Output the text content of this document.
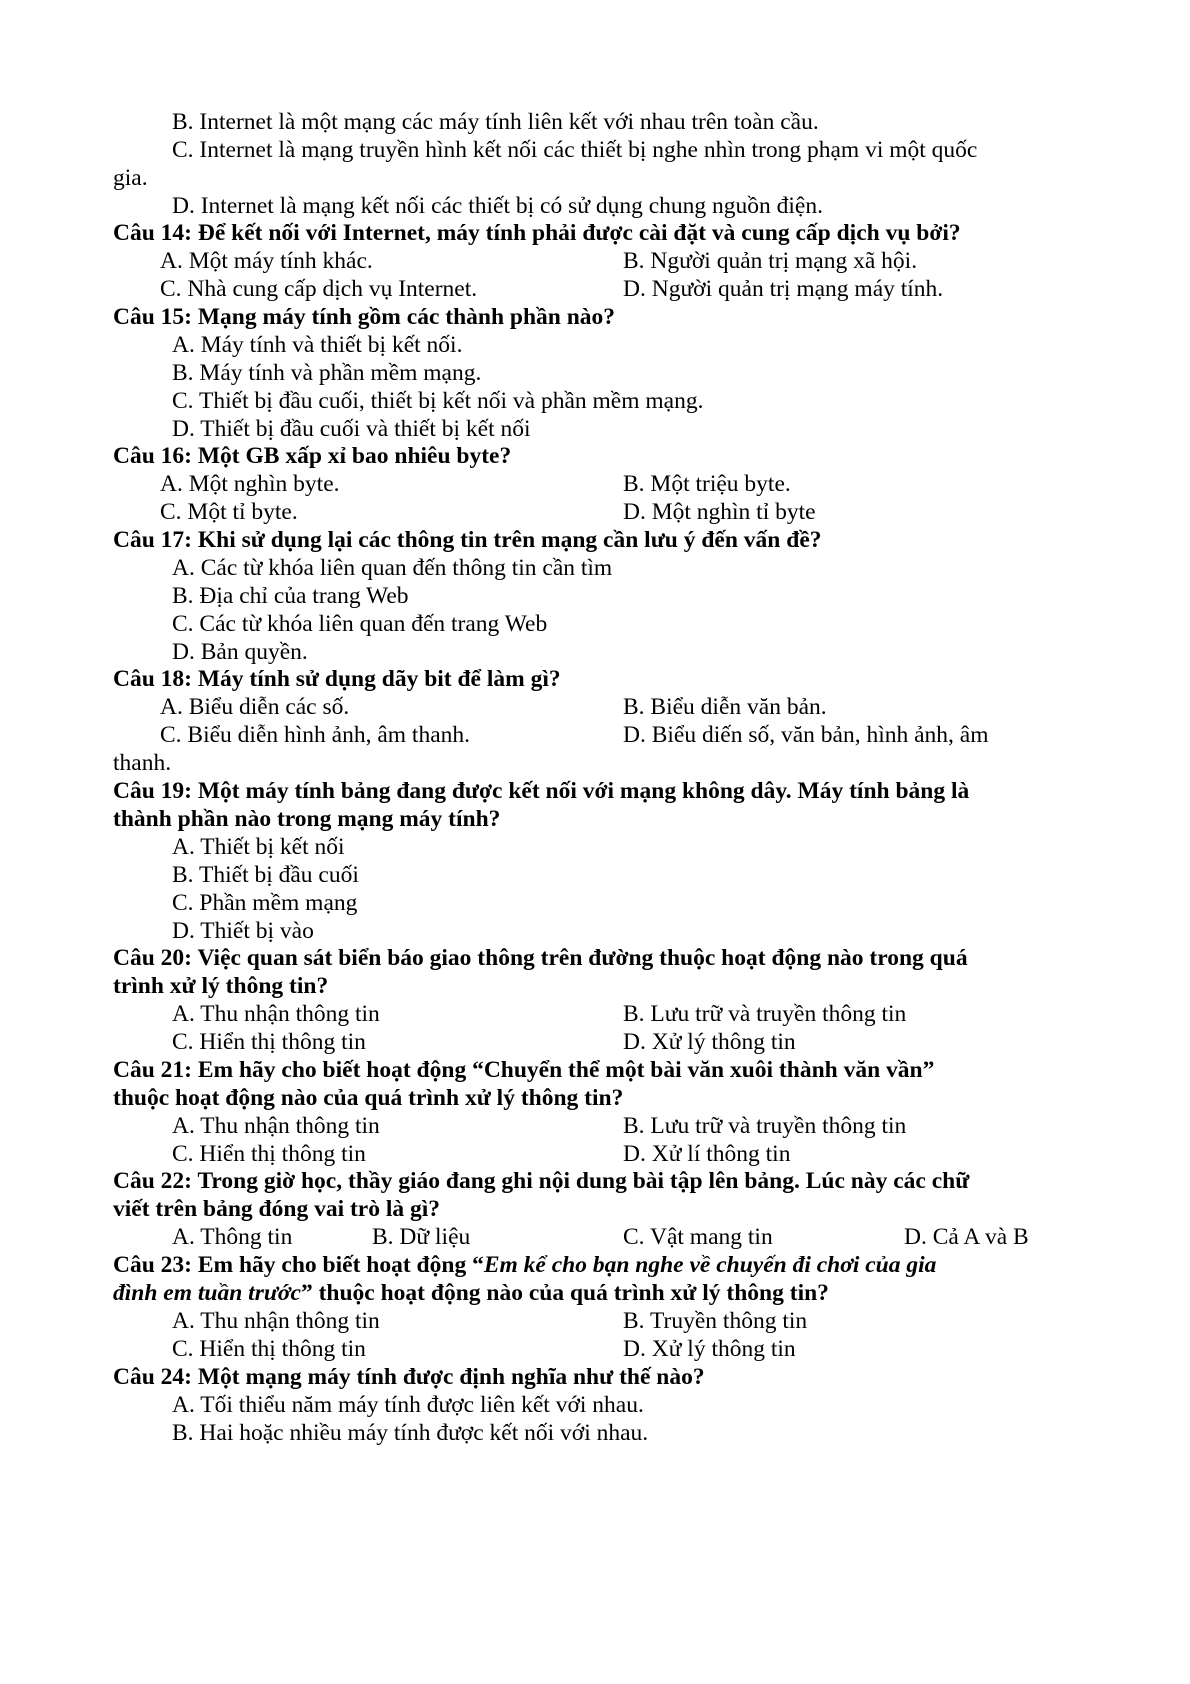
B. Internet là một mạng các máy tính liên kết với nhau trên toàn cầu.
C. Internet là mạng truyền hình kết nối các thiết bị nghe nhìn trong phạm vi một quốc
gia.
D. Internet là mạng kết nối các thiết bị có sử dụng chung nguồn điện.
Câu 14: Để kết nối với Internet, máy tính phải được cài đặt và cung cấp dịch vụ bởi?
A. Một máy tính khác.	B. Người quản trị mạng xã hội.
C. Nhà cung cấp dịch vụ Internet.	D. Người quản trị mạng máy tính.
Câu 15: Mạng máy tính gồm các thành phần nào?
A. Máy tính và thiết bị kết nối.
B. Máy tính và phần mềm mạng.
C. Thiết bị đầu cuối, thiết bị kết nối và phần mềm mạng.
D. Thiết bị đầu cuối và thiết bị kết nối
Câu 16: Một GB xấp xỉ bao nhiêu byte?
A. Một nghìn byte.	B. Một triệu byte.
C. Một tỉ byte.	D. Một nghìn tỉ byte
Câu 17: Khi sử dụng lại các thông tin trên mạng cần lưu ý đến vấn đề?
A. Các từ khóa liên quan đến thông tin cần tìm
B. Địa chỉ của trang Web
C. Các từ khóa liên quan đến trang Web
D. Bản quyền.
Câu 18: Máy tính sử dụng dãy bit để làm gì?
A. Biểu diễn các số.	B. Biểu diễn văn bản.
C. Biểu diễn hình ảnh, âm thanh.	D. Biểu diến số, văn bản, hình ảnh, âm
thanh.
Câu 19: Một máy tính bảng đang được kết nối với mạng không dây. Máy tính bảng là
thành phần nào trong mạng máy tính?
A. Thiết bị kết nối
B. Thiết bị đầu cuối
C. Phần mềm mạng
D. Thiết bị vào
Câu 20: Việc quan sát biển báo giao thông trên đường thuộc hoạt động nào trong quá
trình xử lý thông tin?
A. Thu nhận thông tin	B. Lưu trữ và truyền thông tin
C. Hiển thị thông tin	D. Xử lý thông tin
Câu 21: Em hãy cho biết hoạt động “Chuyển thể một bài văn xuôi thành văn vần”
thuộc hoạt động nào của quá trình xử lý thông tin?
A. Thu nhận thông tin	B. Lưu trữ và truyền thông tin
C. Hiển thị thông tin	D. Xử lí thông tin
Câu 22: Trong giờ học, thầy giáo đang ghi nội dung bài tập lên bảng. Lúc này các chữ
viết trên bảng đóng vai trò là gì?
A. Thông tin	B. Dữ liệu	C. Vật mang tin	D. Cả A và B
Câu 23: Em hãy cho biết hoạt động “Em kể cho bạn nghe về chuyến đi chơi của gia
đình em tuần trước” thuộc hoạt động nào của quá trình xử lý thông tin?
A. Thu nhận thông tin	B. Truyền thông tin
C. Hiển thị thông tin	D. Xử lý thông tin
Câu 24: Một mạng máy tính được định nghĩa như thế nào?
A. Tối thiểu năm máy tính được liên kết với nhau.
B. Hai hoặc nhiều máy tính được kết nối với nhau.
